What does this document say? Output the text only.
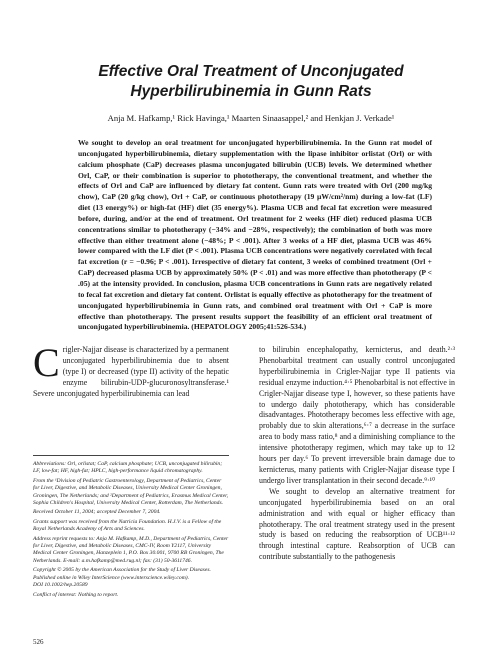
Effective Oral Treatment of Unconjugated
Hyperbilirubinemia in Gunn Rats
Anja M. Hafkamp,¹ Rick Havinga,¹ Maarten Sinaasappel,² and Henkjan J. Verkade¹

We sought to develop an oral treatment for unconjugated hyperbilirubinemia. In the Gunn rat model of unconjugated hyperbilirubinemia, dietary supplementation with the lipase inhibitor orlistat (Orl) or with calcium phosphate (CaP) decreases plasma unconjugated bilirubin (UCB) levels. We determined whether Orl, CaP, or their combination is superior to phototherapy, the conventional treatment, and whether the effects of Orl and CaP are influenced by dietary fat content. Gunn rats were treated with Orl (200 mg/kg chow), CaP (20 g/kg chow), Orl + CaP, or continuous phototherapy (19 µW/cm²/nm) during a low-fat (LF) diet (13 energy%) or high-fat (HF) diet (35 energy%). Plasma UCB and fecal fat excretion were measured before, during, and/or at the end of treatment. Orl treatment for 2 weeks (HF diet) reduced plasma UCB concentrations similar to phototherapy (−34% and −28%, respectively); the combination of both was more effective than either treatment alone (−48%; P < .001). After 3 weeks of a HF diet, plasma UCB was 46% lower compared with the LF diet (P < .001). Plasma UCB concentrations were negatively correlated with fecal fat excretion (r = −0.96; P < .001). Irrespective of dietary fat content, 3 weeks of combined treatment (Orl + CaP) decreased plasma UCB by approximately 50% (P < .01) and was more effective than phototherapy (P < .05) at the intensity provided. In conclusion, plasma UCB concentrations in Gunn rats are negatively related to fecal fat excretion and dietary fat content. Orlistat is equally effective as phototherapy for the treatment of unconjugated hyperbilirubinemia in Gunn rats, and combined oral treatment with Orl + CaP is more effective than phototherapy. The present results support the feasibility of an efficient oral treatment of unconjugated hyperbilirubinemia. (HEPATOLOGY 2005;41:526-534.)

C rigler-Najjar disease is characterized by a permanent unconjugated hyperbilirubinemia due to absent (type I) or decreased (type II) activity of the hepatic enzyme bilirubin-UDP-glucuronosyltransferase.¹ Severe unconjugated hyperbilirubinemia can lead

Abbreviations: Orl, orlistat; CaP, calcium phosphate; UCB, unconjugated bilirubin; LF, low-fat; HF, high-fat; HPLC, high-performance liquid chromatography.

From the ¹Division of Pediatric Gastroenterology, Department of Pediatrics, Center for Liver, Digestive, and Metabolic Diseases, University Medical Center Groningen, Groningen, The Netherlands; and ²Department of Pediatrics, Erasmus Medical Center, Sophia Children's Hospital, University Medical Center, Rotterdam, The Netherlands.

Received October 11, 2004; accepted December 7, 2004.

Grants support was received from the Nutricia Foundation. H.J.V. is a Fellow of the Royal Netherlands Academy of Arts and Sciences.

Address reprint requests to: Anja M. Hafkamp, M.D., Department of Pediatrics, Center for Liver, Digestive, and Metabolic Diseases, CMC-IV, Room Y2117, University Medical Center Groningen, Hanzeplein 1, P.O. Box 30.001, 9700 RB Groningen, The Netherlands. E-mail: a.m.hafkamp@med.rug.nl; fax: (31) 50-3611746.

Copyright © 2005 by the American Association for the Study of Liver Diseases. Published online in Wiley InterScience (www.interscience.wiley.com).

DOI 10.1002/hep.20589

Conflict of interest: Nothing to report.

to bilirubin encephalopathy, kernicterus, and death.²·³ Phenobarbital treatment can usually control unconjugated hyperbilirubinemia in Crigler-Najjar type II patients via residual enzyme induction.⁴·⁵ Phenobarbital is not effective in Crigler-Najjar disease type I, however, so these patients have to undergo daily phototherapy, which has considerable disadvantages. Phototherapy becomes less effective with age, probably due to skin alterations,⁶·⁷ a decrease in the surface area to body mass ratio,⁸ and a diminishing compliance to the intensive phototherapy regimen, which may take up to 12 hours per day.⁶ To prevent irreversible brain damage due to kernicterus, many patients with Crigler-Najjar disease type I undergo liver transplantation in their second decade.⁹·¹⁰

We sought to develop an alternative treatment for unconjugated hyperbilirubinemia based on an oral administration and with equal or higher efficacy than phototherapy. The oral treatment strategy used in the present study is based on reducing the reabsorption of UCB¹¹·¹² through intestinal capture. Reabsorption of UCB can contribute substantially to the pathogenesis

526
